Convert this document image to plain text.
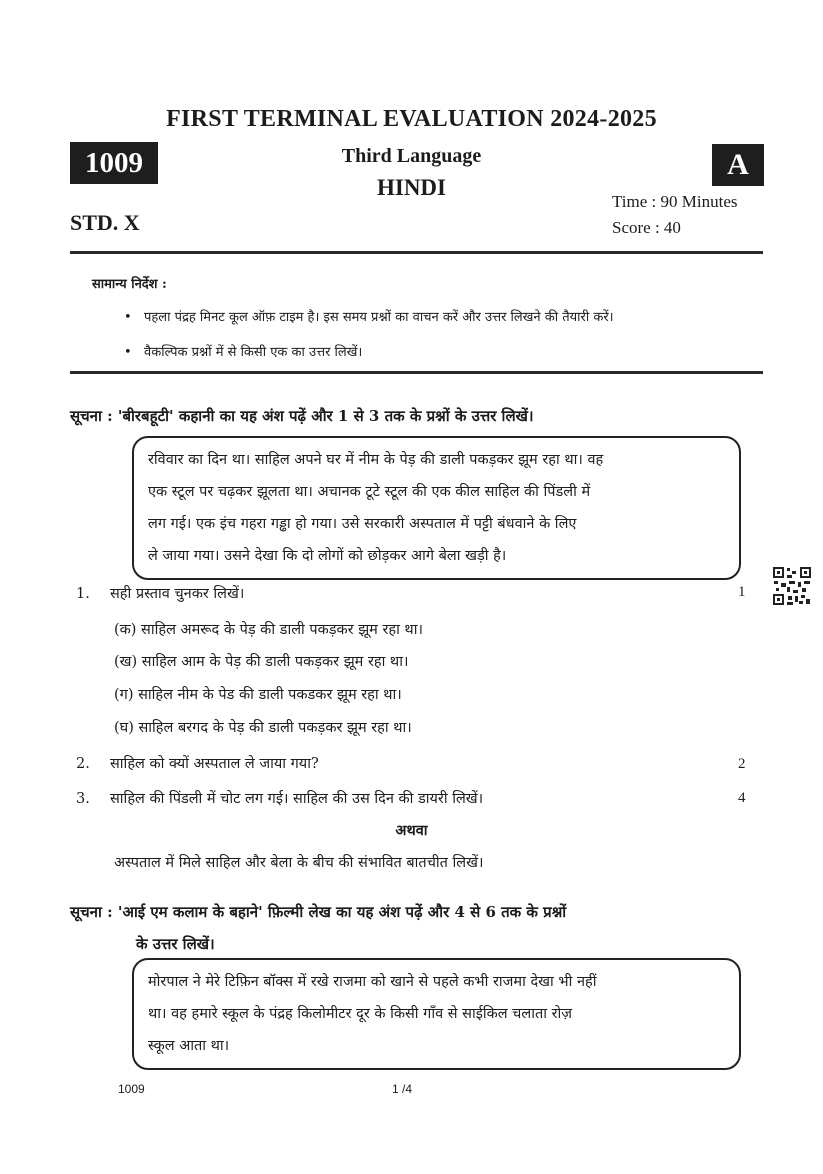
FIRST TERMINAL EVALUATION 2024-2025
1009	A
Third Language
HINDI
STD. X
Time : 90 Minutes
Score : 40
सामान्य निर्देश :
• पहला पंद्रह मिनट कूल ऑफ़ टाइम है। इस समय प्रश्नों का वाचन करें और उत्तर लिखने की तैयारी करें।
• वैकल्पिक प्रश्नों में से किसी एक का उत्तर लिखें।
सूचना : 'बीरबहूटी' कहानी का यह अंश पढ़ें और 1 से 3 तक के प्रश्नों के उत्तर लिखें।
रविवार का दिन था। साहिल अपने घर में नीम के पेड़ की डाली पकड़कर झूम रहा था। वह
एक स्टूल पर चढ़कर झूलता था। अचानक टूटे स्टूल की एक कील साहिल की पिंडली में
लग गई। एक इंच गहरा गड्ढा हो गया। उसे सरकारी अस्पताल में पट्टी बंधवाने के लिए
ले जाया गया। उसने देखा कि दो लोगों को छोड़कर आगे बेला खड़ी है।
1. सही प्रस्ताव चुनकर लिखें।	1
(क) साहिल अमरूद के पेड़ की डाली पकड़कर झूम रहा था।
(ख) साहिल आम के पेड़ की डाली पकड़कर झूम रहा था।
(ग) साहिल नीम के पेड की डाली पकडकर झूम रहा था।
(घ) साहिल बरगद के पेड़ की डाली पकड़कर झूम रहा था।
2. साहिल को क्यों अस्पताल ले जाया गया?	2
3. साहिल की पिंडली में चोट लग गई। साहिल की उस दिन की डायरी लिखें।	4
अथवा
अस्पताल में मिले साहिल और बेला के बीच की संभावित बातचीत लिखें।
सूचना : 'आई एम कलाम के बहाने' फ़िल्मी लेख का यह अंश पढ़ें और 4 से 6 तक के प्रश्नों
के उत्तर लिखें।
मोरपाल ने मेरे टिफ़िन बॉक्स में रखे राजमा को खाने से पहले कभी राजमा देखा भी नहीं
था। वह हमारे स्कूल के पंद्रह किलोमीटर दूर के किसी गाँव से साईकिल चलाता रोज़
स्कूल आता था।
1009	1 /4
